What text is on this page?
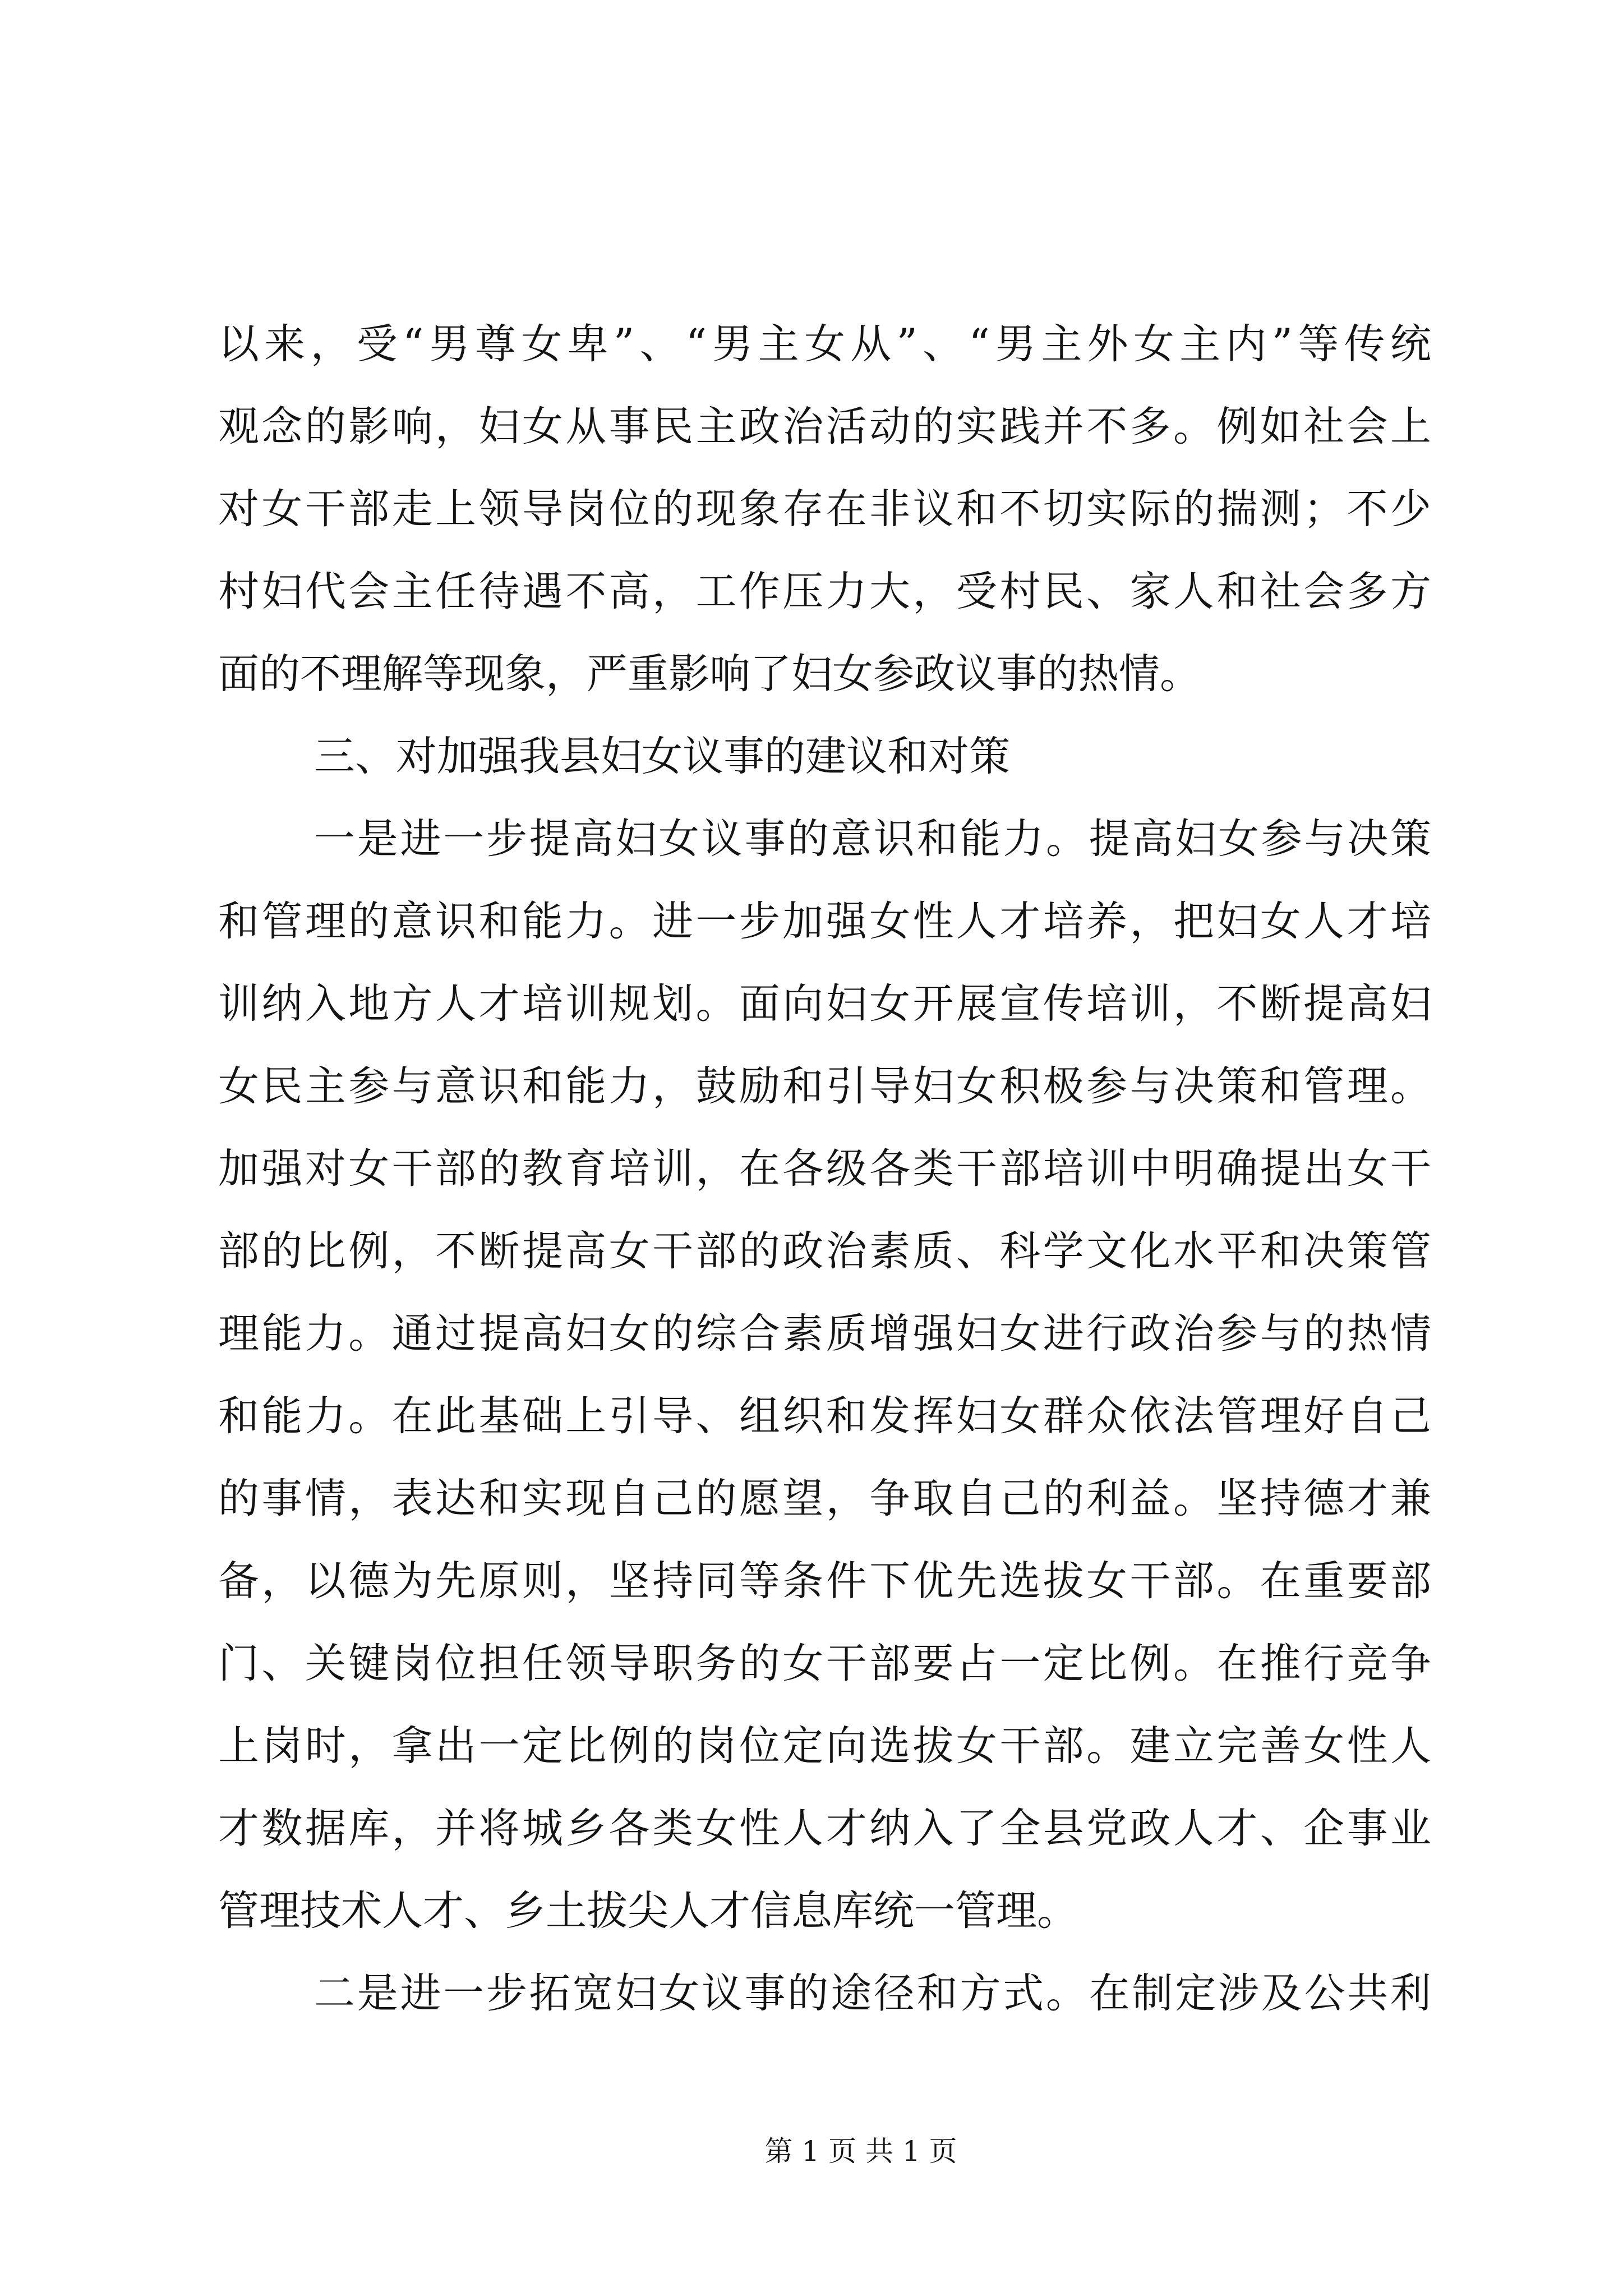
以来，受“男尊女卑”、“男主女从”、“男主外女主内”等传统
观念的影响，妇女从事民主政治活动的实践并不多。例如社会上
对女干部走上领导岗位的现象存在非议和不切实际的揣测；不少
村妇代会主任待遇不高，工作压力大，受村民、家人和社会多方
面的不理解等现象，严重影响了妇女参政议事的热情。
三、对加强我县妇女议事的建议和对策
一是进一步提高妇女议事的意识和能力。提高妇女参与决策
和管理的意识和能力。进一步加强女性人才培养，把妇女人才培
训纳入地方人才培训规划。面向妇女开展宣传培训，不断提高妇
女民主参与意识和能力，鼓励和引导妇女积极参与决策和管理。
加强对女干部的教育培训，在各级各类干部培训中明确提出女干
部的比例，不断提高女干部的政治素质、科学文化水平和决策管
理能力。通过提高妇女的综合素质增强妇女进行政治参与的热情
和能力。在此基础上引导、组织和发挥妇女群众依法管理好自己
的事情，表达和实现自己的愿望，争取自己的利益。坚持德才兼
备，以德为先原则，坚持同等条件下优先选拔女干部。在重要部
门、关键岗位担任领导职务的女干部要占一定比例。在推行竞争
上岗时，拿出一定比例的岗位定向选拔女干部。建立完善女性人
才数据库，并将城乡各类女性人才纳入了全县党政人才、企事业
管理技术人才、乡土拔尖人才信息库统一管理。
二是进一步拓宽妇女议事的途径和方式。在制定涉及公共利
第 1 页 共 1 页
